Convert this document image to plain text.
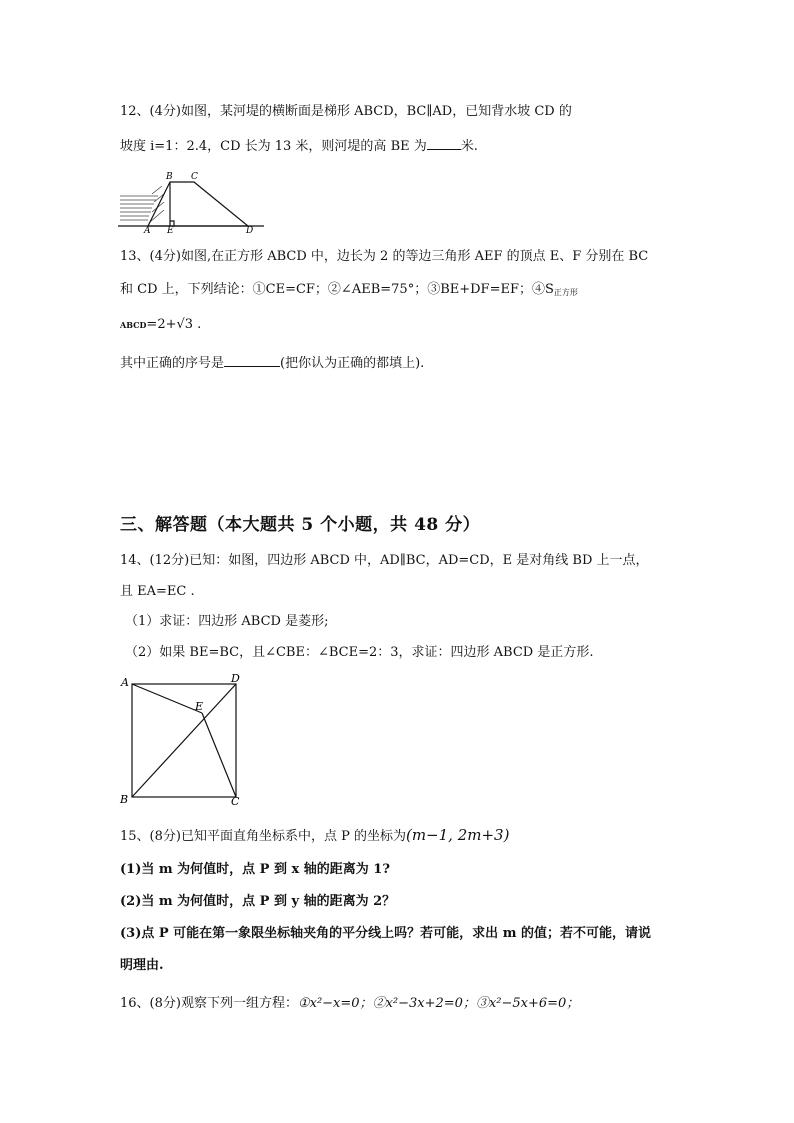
12、(4分)如图，某河堤的横断面是梯形 ABCD，BC∥AD，已知背水坡 CD 的
坡度 i=1：2.4，CD 长为 13 米，则河堤的高 BE 为	米.
B C
A E	D
13、(4分)如图,在正方形 ABCD 中，边长为 2 的等边三角形 AEF 的顶点 E、F 分别在 BC
和 CD 上，下列结论：①CE=CF；②∠AEB=75°；③BE+DF=EF；$④S_{正方形}$
ABCD=2+√3 .
其中正确的序号是	(把你认为正确的都填上).
三、解答题（本大题共 5 个小题，共 48 分）
14、(12分)已知：如图，四边形 ABCD 中，AD∥BC，AD=CD，E 是对角线 BD 上一点，
且 EA=EC .
（1）求证：四边形 ABCD 是菱形;
（2）如果 BE=BC，且∠CBE：∠BCE=2：3，求证：四边形 ABCD 是正方形.
A	D
E
B	C
15、(8分)已知平面直角坐标系中，点 P 的坐标为(m−1, 2m+3)
(1)当 m 为何值时，点 P 到 x 轴的距离为 1?
(2)当 m 为何值时，点 P 到 y 轴的距离为 2？
(3)点 P 可能在第一象限坐标轴夹角的平分线上吗？若可能，求出 m 的值；若不可能，请说
明理由.
16、(8分)观察下列一组方程：①x²−x=0；②x²−3x+2=0；③x²−5x+6=0；
